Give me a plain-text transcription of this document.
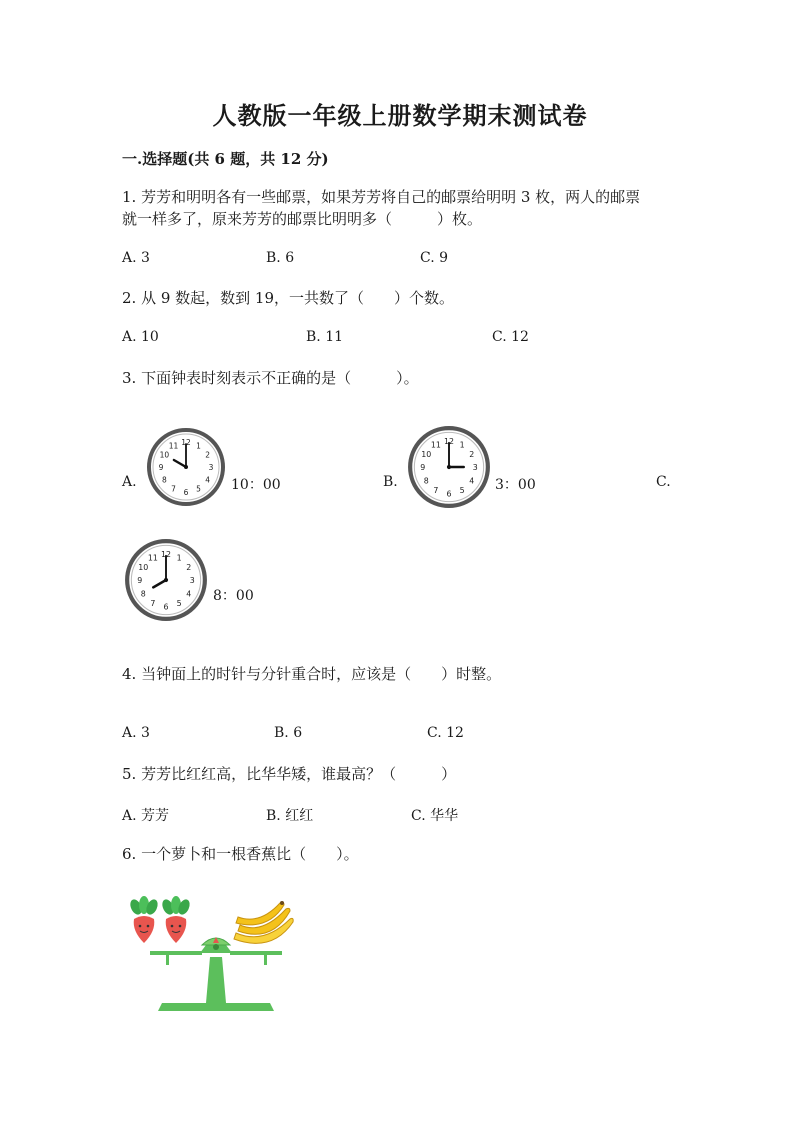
人教版一年级上册数学期末测试卷
一.选择题(共 6 题，共 12 分)
1. 芳芳和明明各有一些邮票，如果芳芳将自己的邮票给明明 3 枚，两人的邮票
就一样多了，原来芳芳的邮票比明明多（　　　）枚。
A. 3	B. 6	C. 9
2. 从 9 数起，数到 19，一共数了（　　）个数。
A. 10	B. 11	C. 12
3. 下面钟表时刻表示不正确的是（　　　）。
A.
12 1
2
3
4
5
6
7
8
9
10
11
10：00	B.
12 1
2
3
4
5
6
7
8
9
10
11
3：00	C.
12 1
2
3
4
5
6
7
8
9
10
11
8：00
4. 当钟面上的时针与分针重合时，应该是（　　）时整。
A. 3	B. 6	C. 12
5. 芳芳比红红高，比华华矮，谁最高？（　　　）
A. 芳芳	B. 红红	C. 华华
6. 一个萝卜和一根香蕉比（　　）。
